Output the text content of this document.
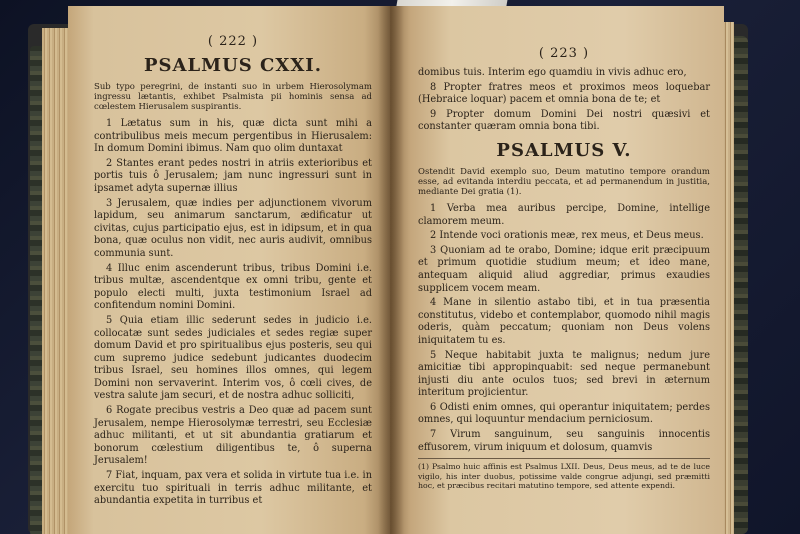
( 222 )
PSALMUS CXXI.

Sub typo peregrini, de instanti suo in urbem Hierosolymam ingressu lætantis, exhibet Psalmista pii hominis sensa ad cœlestem Hierusalem suspirantis.

1 Lætatus sum in his, quæ dicta sunt mihi a contribulibus meis mecum pergentibus in Hierusalem: In domum Domini ibimus. Nam quo olim duntaxat

2 Stantes erant pedes nostri in atriis exterioribus et portis tuis ô Jerusalem; jam nunc ingressuri sunt in ipsamet adyta supernæ illius

3 Jerusalem, quæ indies per adjunctionem vivorum lapidum, seu animarum sanctarum, ædificatur ut civitas, cujus participatio ejus, est in idipsum, et in qua bona, quæ oculus non vidit, nec auris audivit, omnibus communia sunt.

4 Illuc enim ascenderunt tribus, tribus Domini i.e. tribus multæ, ascendentque ex omni tribu, gente et populo electi multi, juxta testimonium Israel ad confitendum nomini Domini.

5 Quia etiam illic sederunt sedes in judicio i.e. collocatæ sunt sedes judiciales et sedes regiæ super domum David et pro spiritualibus ejus posteris, seu qui cum supremo judice sedebunt judicantes duodecim tribus Israel, seu homines illos omnes, qui legem Domini non servaverint. Interim vos, ô cœli cives, de vestra salute jam securi, et de nostra adhuc solliciti,

6 Rogate precibus vestris a Deo quæ ad pacem sunt Jerusalem, nempe Hierosolymæ terrestri, seu Ecclesiæ adhuc militanti, et ut sit abundantia gratiarum et bonorum cœlestium diligentibus te, ô superna Jerusalem!

7 Fiat, inquam, pax vera et solida in virtute tua i.e. in exercitu tuo spirituali in terris adhuc militante, et abundantia expetita in turribus et

( 223 )

domibus tuis. Interim ego quamdiu in vivis adhuc ero,

8 Propter fratres meos et proximos meos loquebar (Hebraice loquar) pacem et omnia bona de te; et

9 Propter domum Domini Dei nostri quæsivi et constanter quæram omnia bona tibi.

PSALMUS V.

Ostendit David exemplo suo, Deum matutino tempore orandum esse, ad evitanda interdiu peccata, et ad permanendum in justitia, mediante Dei gratia (1).

1 Verba mea auribus percipe, Domine, intellige clamorem meum.

2 Intende voci orationis meæ, rex meus, et Deus meus.

3 Quoniam ad te orabo, Domine; idque erit præcipuum et primum quotidie studium meum; et ideo mane, antequam aliquid aliud aggrediar, primus exaudies supplicem vocem meam.

4 Mane in silentio astabo tibi, et in tua præsentia constitutus, videbo et contemplabor, quomodo nihil magis oderis, quàm peccatum; quoniam non Deus volens iniquitatem tu es.

5 Neque habitabit juxta te malignus; nedum jure amicitiæ tibi appropinquabit: sed neque permanebunt injusti diu ante oculos tuos; sed brevi in æternum interitum projicientur.

6 Odisti enim omnes, qui operantur iniquitatem; perdes omnes, qui loquuntur mendacium perniciosum.

7 Virum sanguinum, seu sanguinis innocentis effusorem, virum iniquum et dolosum, quamvis

(1) Psalmo huic affinis est Psalmus LXII. Deus, Deus meus, ad te de luce vigilo, his inter duobus, potissime valde congrue adjungi, sed præmitti hoc, et præcibus recitari matutino tempore, sed attente expendi.
